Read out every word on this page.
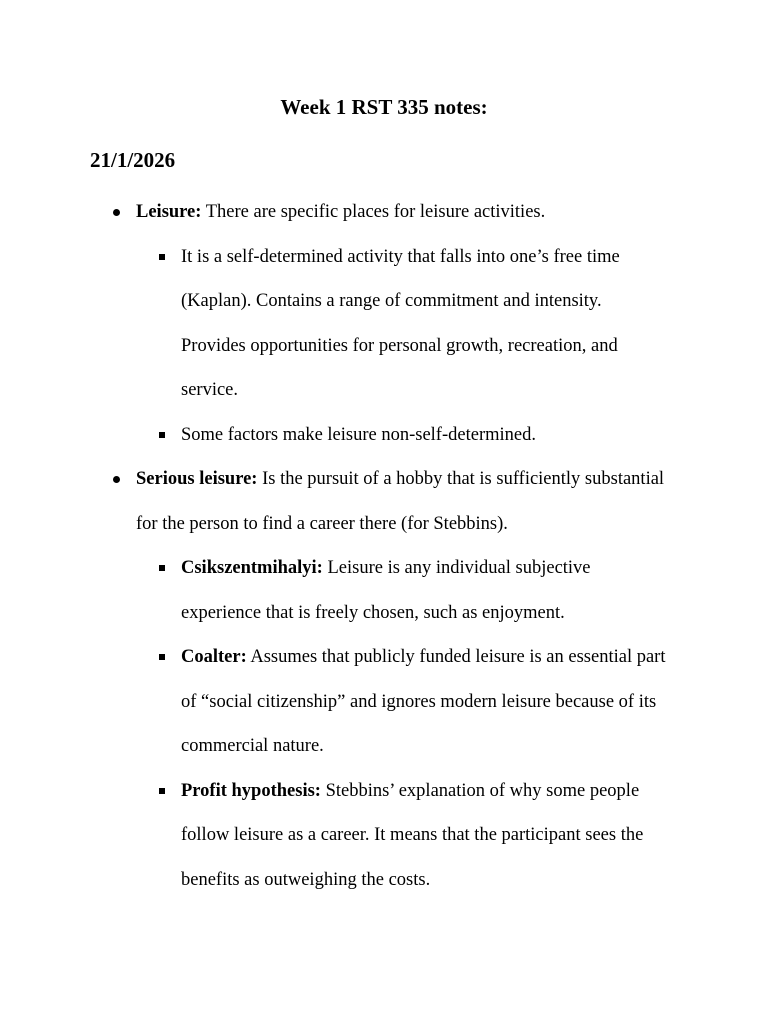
Week 1 RST 335 notes:
21/1/2026
Leisure: There are specific places for leisure activities.
It is a self-determined activity that falls into one’s free time (Kaplan). Contains a range of commitment and intensity. Provides opportunities for personal growth, recreation, and service.
Some factors make leisure non-self-determined.
Serious leisure: Is the pursuit of a hobby that is sufficiently substantial for the person to find a career there (for Stebbins).
Csikszentmihalyi: Leisure is any individual subjective experience that is freely chosen, such as enjoyment.
Coalter: Assumes that publicly funded leisure is an essential part of “social citizenship” and ignores modern leisure because of its commercial nature.
Profit hypothesis: Stebbins’ explanation of why some people follow leisure as a career. It means that the participant sees the benefits as outweighing the costs.
